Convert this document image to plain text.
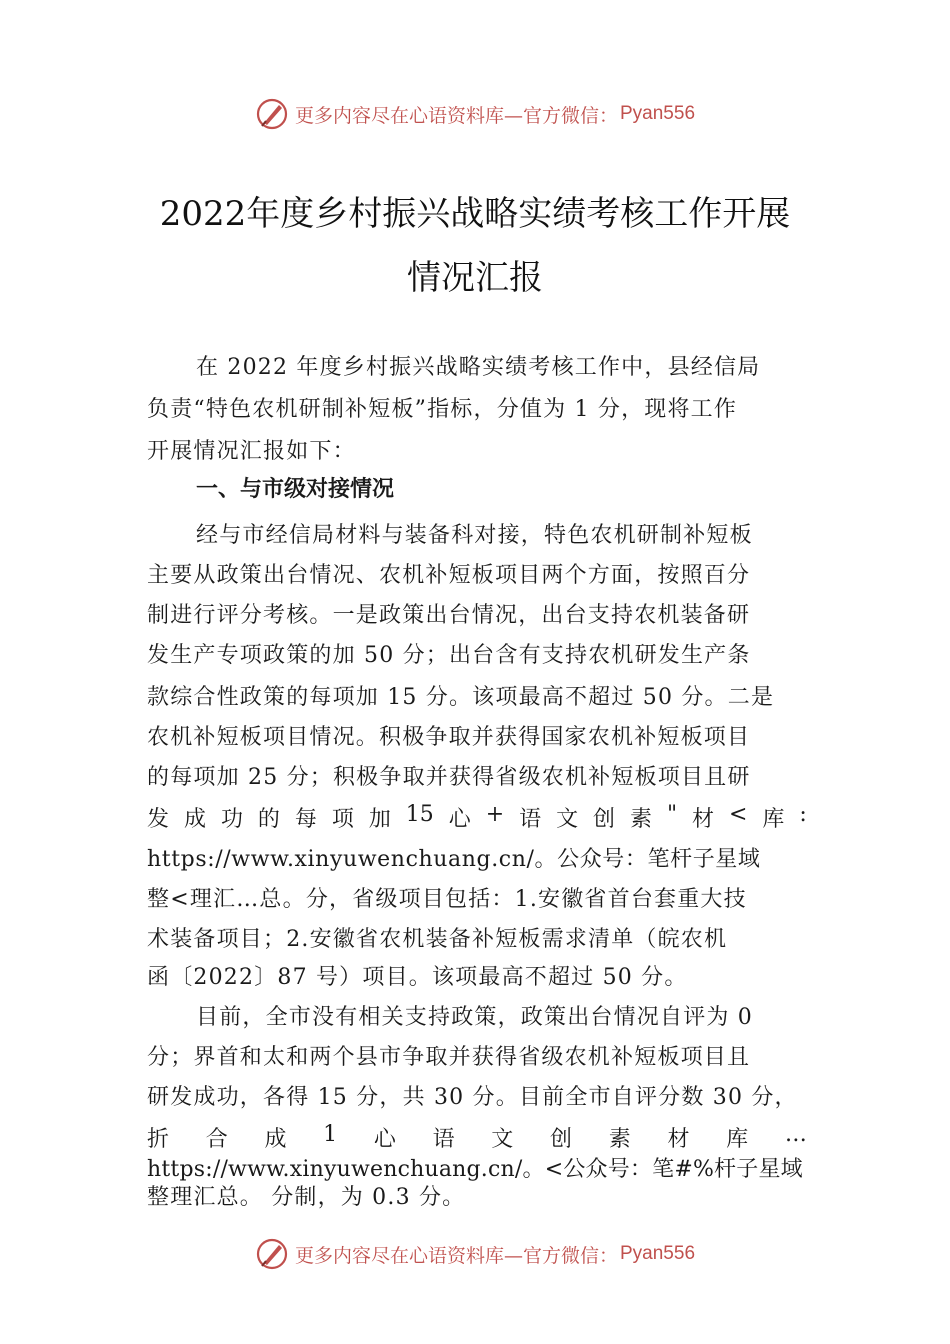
更多内容尽在心语资料库—官方微信： Pyan556
2022年度乡村振兴战略实绩考核工作开展
情况汇报
在 2022 年度乡村振兴战略实绩考核工作中，县经信局
负责“特色农机研制补短板”指标，分值为 1 分，现将工作
开展情况汇报如下：
一、与市级对接情况
经与市经信局材料与装备科对接，特色农机研制补短板
主要从政策出台情况、农机补短板项目两个方面，按照百分
制进行评分考核。一是政策出台情况，出台支持农机装备研
发生产专项政策的加 50 分；出台含有支持农机研发生产条
款综合性政策的每项加 15 分。该项最高不超过 50 分。二是
农机补短板项目情况。积极争取并获得国家农机补短板项目
的每项加 25 分；积极争取并获得省级农机补短板项目且研
发 成 功 的 每 项 加 15 心 + 语 文 创 素 " 材 < 库 :
https://www.xinyuwenchuang.cn/。公众号：笔杆子星域
整<理汇…总。分，省级项目包括：1.安徽省首台套重大技
术装备项目；2.安徽省农机装备补短板需求清单（皖农机
函〔2022〕87 号）项目。该项最高不超过 50 分。
目前，全市没有相关支持政策，政策出台情况自评为 0
分；界首和太和两个县市争取并获得省级农机补短板项目且
研发成功，各得 15 分，共 30 分。目前全市自评分数 30 分，
折 合 成 1 心 语 文 创 素 材 库 …
https://www.xinyuwenchuang.cn/。<公众号：笔#%杆子星域
整理汇总。 分制，为 0.3 分。
更多内容尽在心语资料库—官方微信： Pyan556
